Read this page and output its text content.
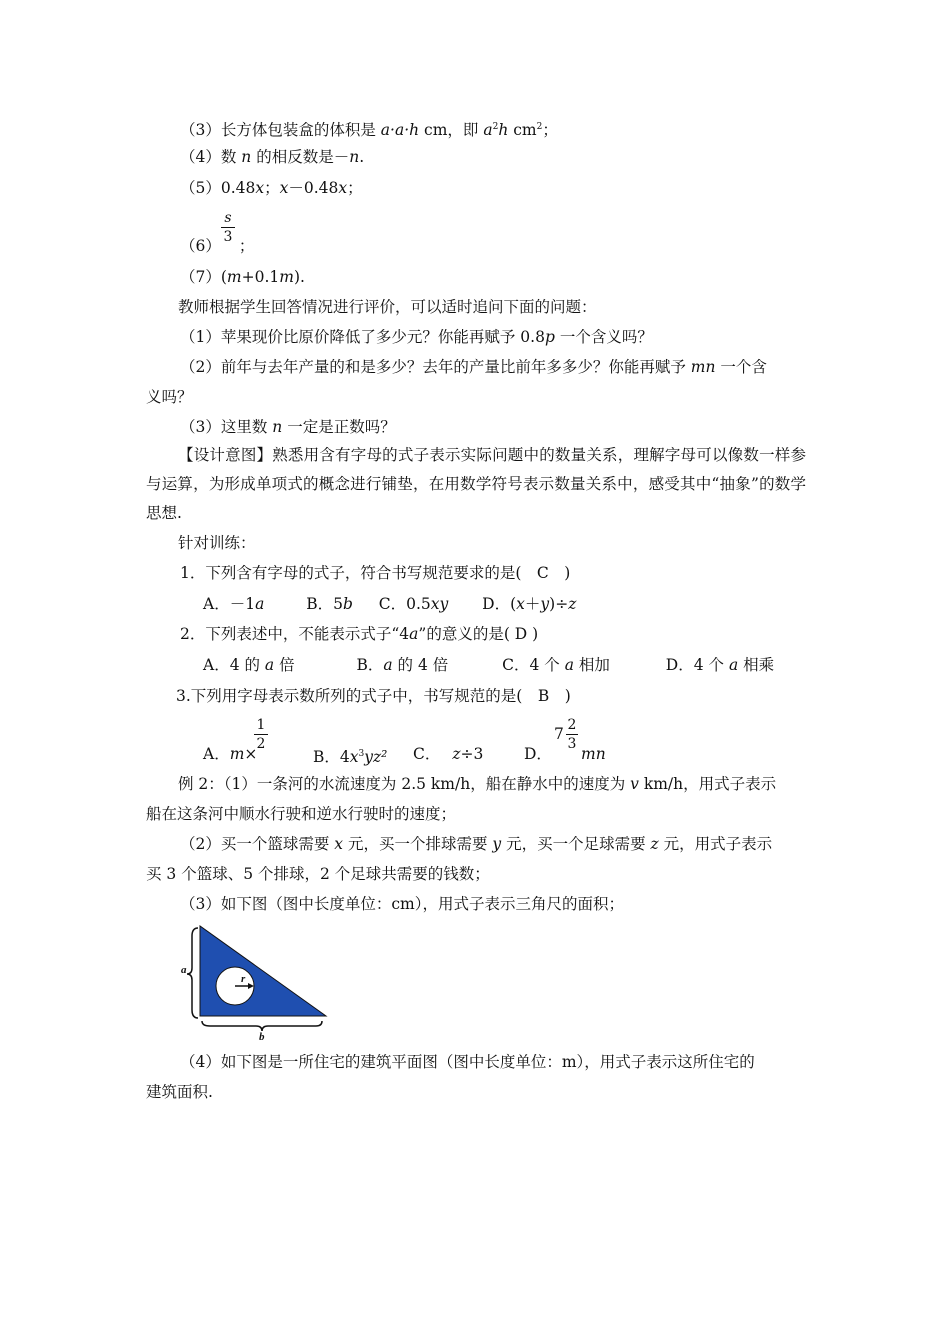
（3）长方体包装盒的体积是 a·a·h cm，即 $a^2h$ $cm^2$；
（4）数 n 的相反数是－n.
（5）0.48x；x－0.48x；
s
3
（6） ；
（7）(m+0.1m).
教师根据学生回答情况进行评价，可以适时追问下面的问题：
（1）苹果现价比原价降低了多少元？你能再赋予 0.8p 一个含义吗？
（2）前年与去年产量的和是多少？去年的产量比前年多多少？你能再赋予 mn 一个含
义吗？
（3）这里数 n 一定是正数吗？
【设计意图】熟悉用含有字母的式子表示实际问题中的数量关系，理解字母可以像数一样参与运算，为形成单项式的概念进行铺垫，在用数学符号表示数量关系中，感受其中“抽象”的数学思想.
针对训练：
1．下列含有字母的式子，符合书写规范要求的是(　C　)
A．－1a	B．5b C．0.5xy D．(x＋y)÷z
2．下列表述中，不能表示式子“4a”的意义的是( D )
A．4 的 a 倍	B．a 的 4 倍	C．4 个 a 相加	D．4 个 a 相乘
3.下列用字母表示数所列的式子中，书写规范的是(　B　)
1
2
2
3
7
A．m×	B．$4x^3yz^2$ C． z÷3	D． mn
例 2：（1）一条河的水流速度为 2.5 km/h，船在静水中的速度为 v km/h，用式子表示
船在这条河中顺水行驶和逆水行驶时的速度；
（2）买一个篮球需要 x 元，买一个排球需要 y 元，买一个足球需要 z 元，用式子表示
买 3 个篮球、5 个排球，2 个足球共需要的钱数；
（3）如下图（图中长度单位：cm），用式子表示三角尺的面积；
r
a
b
（4）如下图是一所住宅的建筑平面图（图中长度单位：m），用式子表示这所住宅的
建筑面积.
